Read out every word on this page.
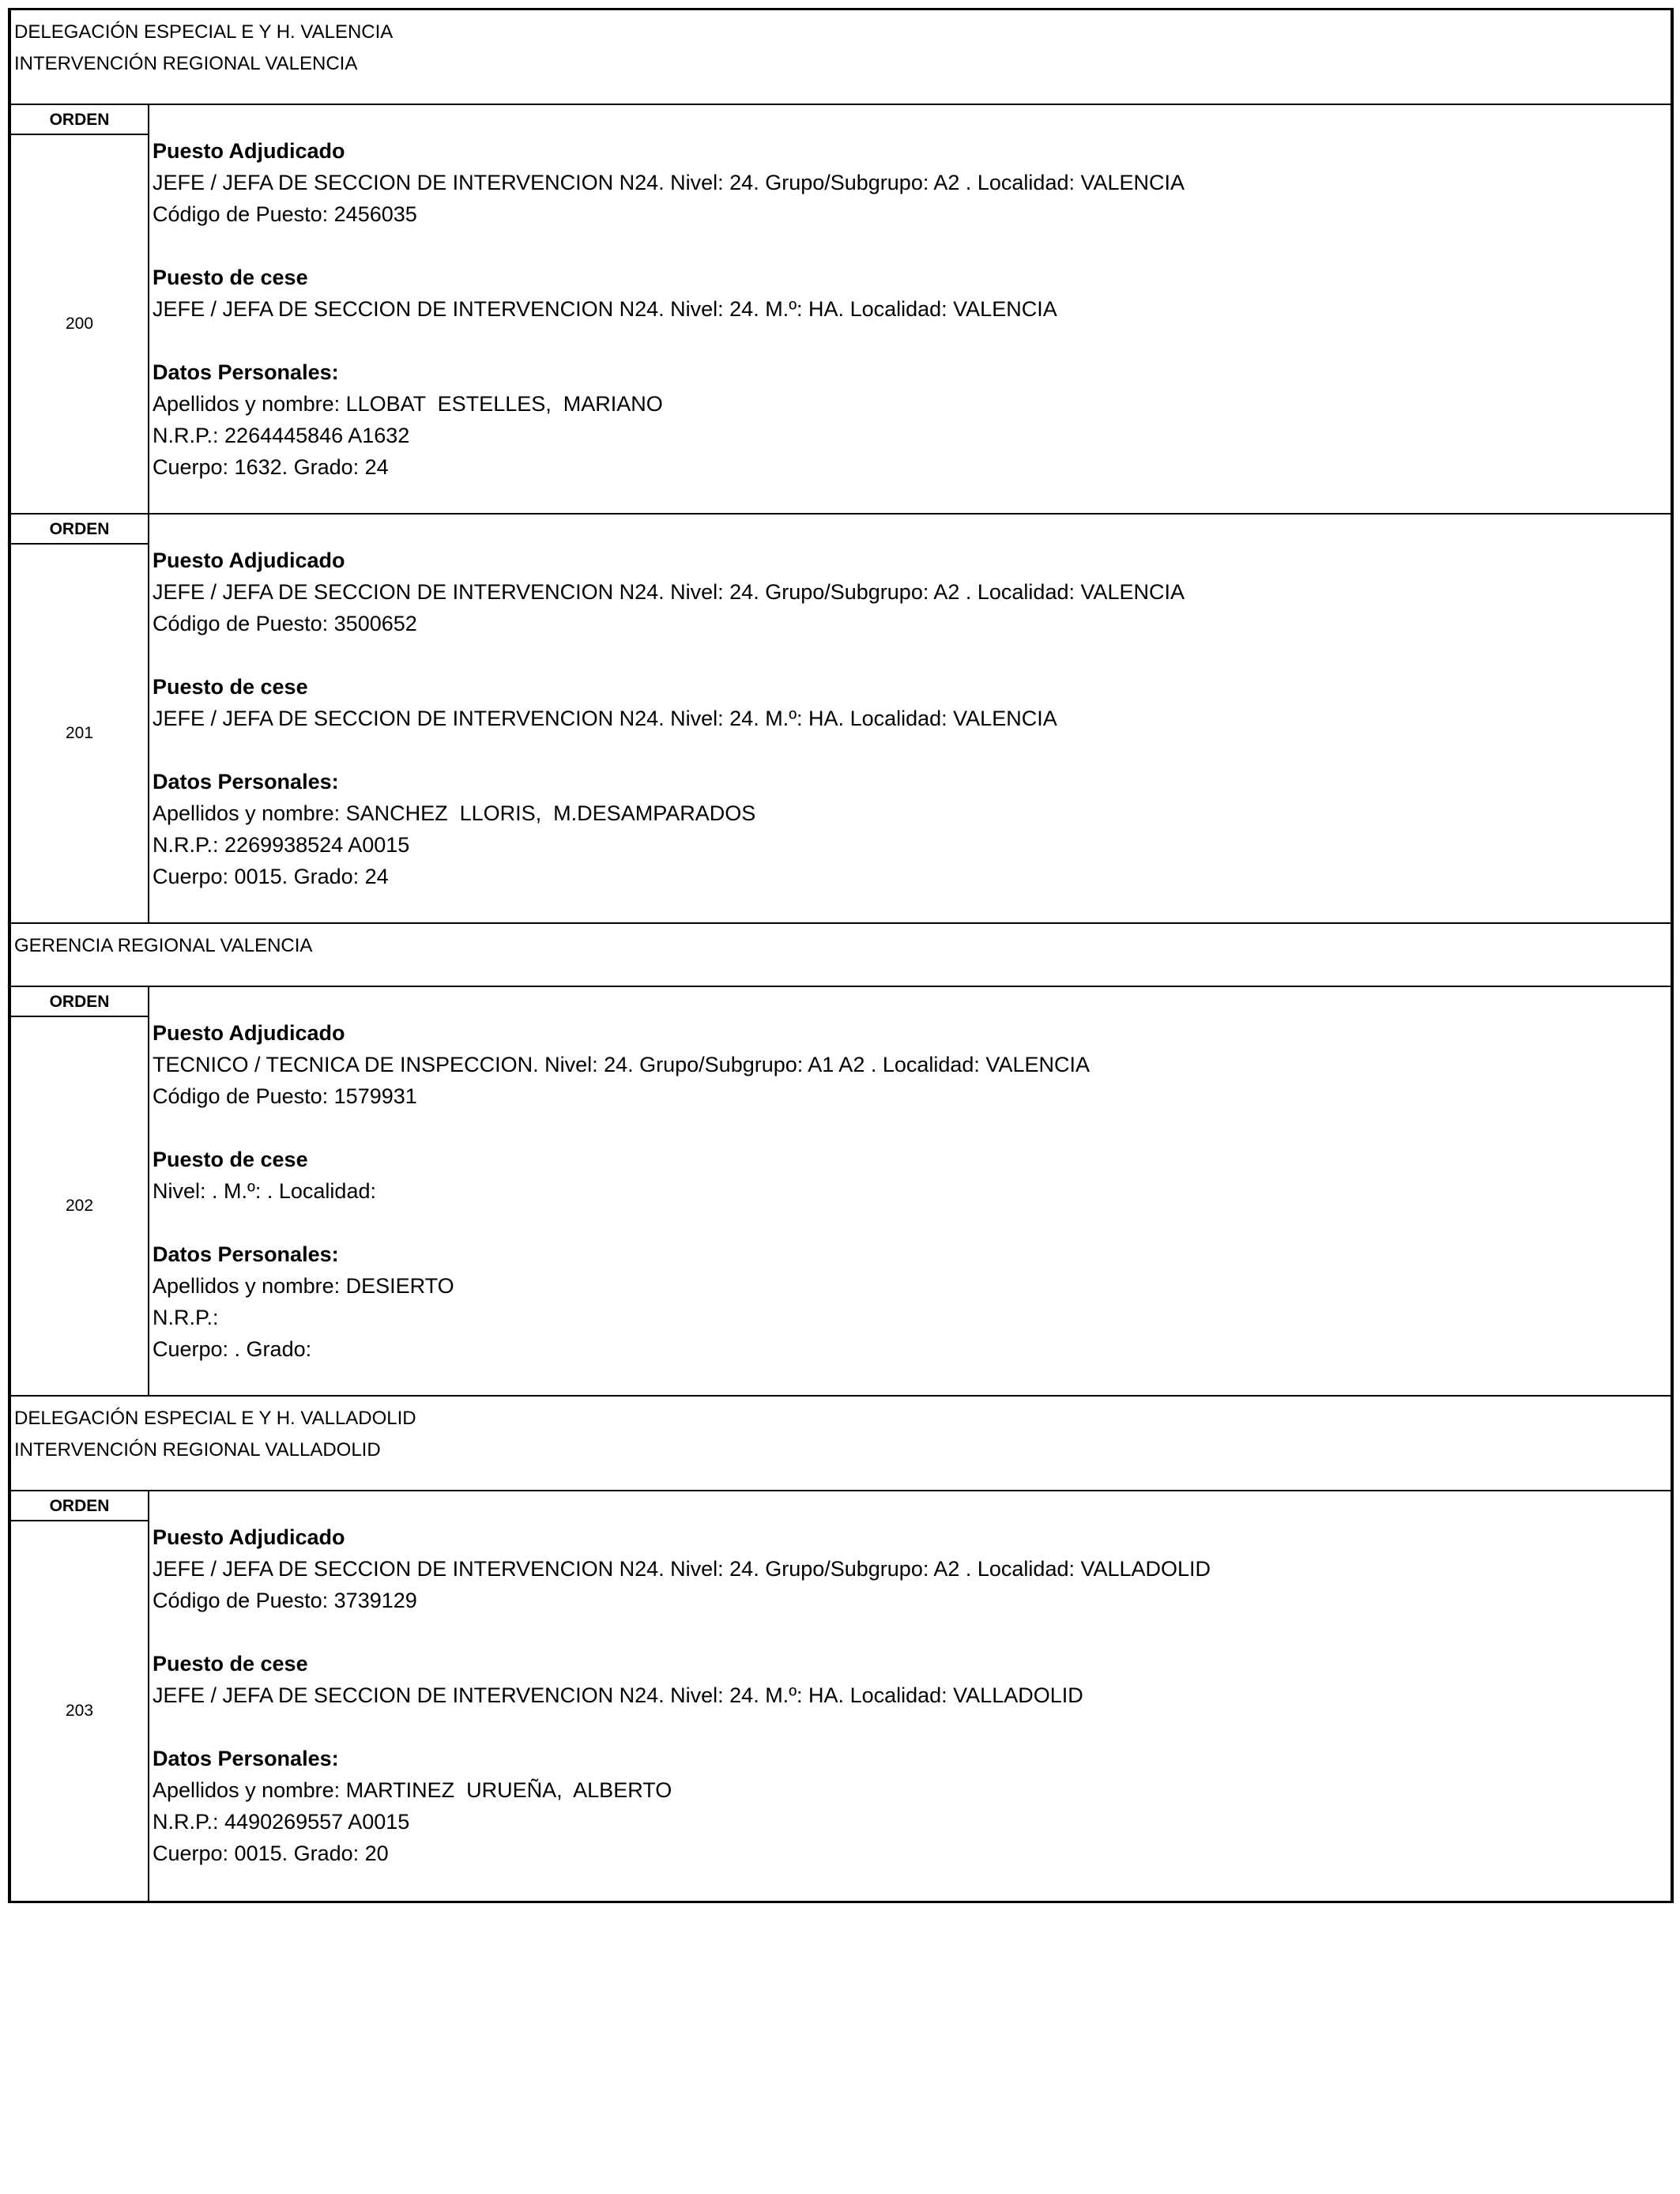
DELEGACIÓN ESPECIAL E Y H. VALENCIA
INTERVENCIÓN REGIONAL VALENCIA
ORDEN
200
Puesto Adjudicado
JEFE / JEFA DE SECCION DE INTERVENCION N24. Nivel: 24. Grupo/Subgrupo: A2 . Localidad: VALENCIA
Código de Puesto: 2456035
Puesto de cese
JEFE / JEFA DE SECCION DE INTERVENCION N24. Nivel: 24. M.º: HA. Localidad: VALENCIA
Datos Personales:
Apellidos y nombre: LLOBAT  ESTELLES,  MARIANO
N.R.P.: 2264445846 A1632
Cuerpo: 1632. Grado: 24
ORDEN
201
Puesto Adjudicado
JEFE / JEFA DE SECCION DE INTERVENCION N24. Nivel: 24. Grupo/Subgrupo: A2 . Localidad: VALENCIA
Código de Puesto: 3500652
Puesto de cese
JEFE / JEFA DE SECCION DE INTERVENCION N24. Nivel: 24. M.º: HA. Localidad: VALENCIA
Datos Personales:
Apellidos y nombre: SANCHEZ  LLORIS,  M.DESAMPARADOS
N.R.P.: 2269938524 A0015
Cuerpo: 0015. Grado: 24
GERENCIA REGIONAL VALENCIA
ORDEN
202
Puesto Adjudicado
TECNICO / TECNICA DE INSPECCION. Nivel: 24. Grupo/Subgrupo: A1 A2 . Localidad: VALENCIA
Código de Puesto: 1579931
Puesto de cese
Nivel: . M.º: . Localidad:
Datos Personales:
Apellidos y nombre: DESIERTO
N.R.P.:
Cuerpo: . Grado:
DELEGACIÓN ESPECIAL E Y H. VALLADOLID
INTERVENCIÓN REGIONAL VALLADOLID
ORDEN
203
Puesto Adjudicado
JEFE / JEFA DE SECCION DE INTERVENCION N24. Nivel: 24. Grupo/Subgrupo: A2 . Localidad: VALLADOLID
Código de Puesto: 3739129
Puesto de cese
JEFE / JEFA DE SECCION DE INTERVENCION N24. Nivel: 24. M.º: HA. Localidad: VALLADOLID
Datos Personales:
Apellidos y nombre: MARTINEZ  URUEÑA,  ALBERTO
N.R.P.: 4490269557 A0015
Cuerpo: 0015. Grado: 20
